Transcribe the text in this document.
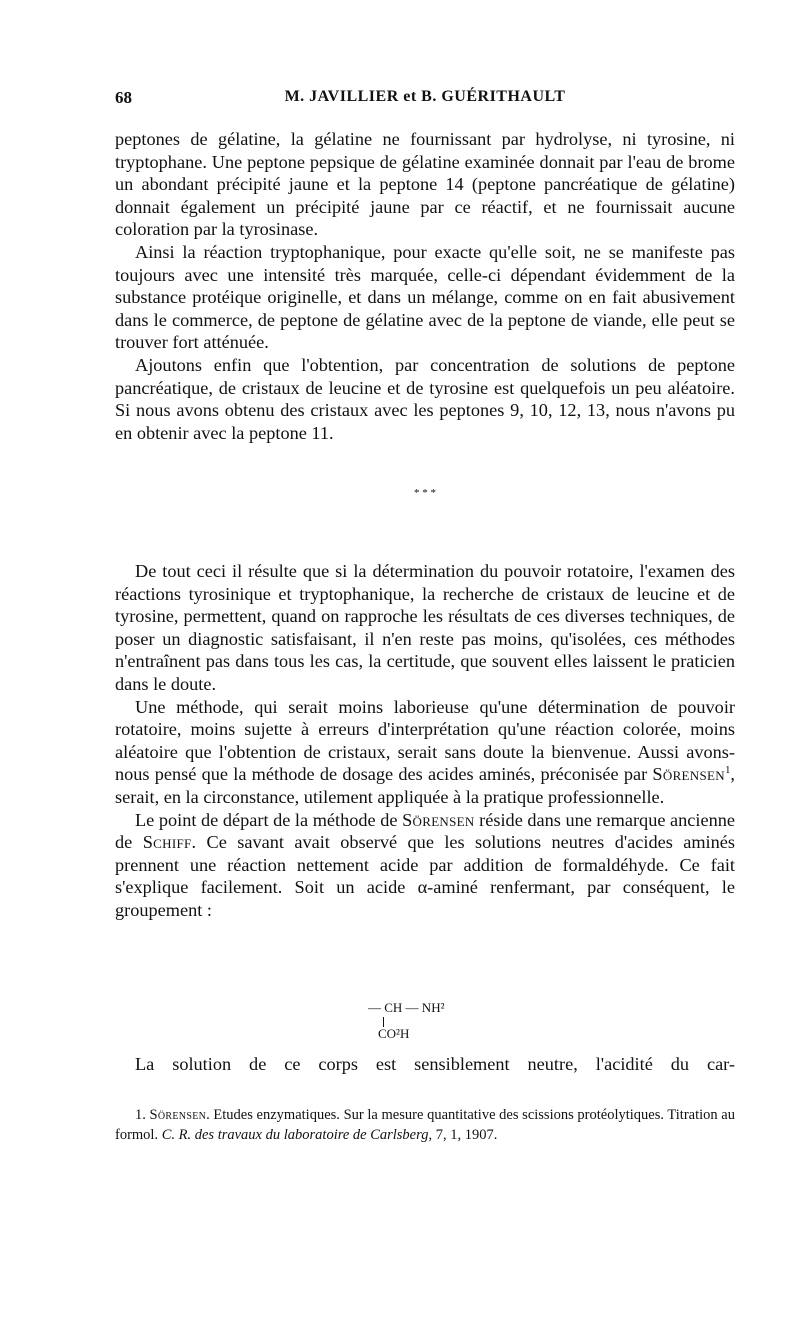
68	M. JAVILLIER et B. GUÉRITHAULT

peptones de gélatine, la gélatine ne fournissant par hydrolyse, ni tyrosine, ni tryptophane. Une peptone pepsique de gélatine examinée donnait par l'eau de brome un abondant précipité jaune et la peptone 14 (peptone pancréatique de gélatine) donnait également un précipité jaune par ce réactif, et ne fournissait aucune coloration par la tyrosinase.

Ainsi la réaction tryptophanique, pour exacte qu'elle soit, ne se manifeste pas toujours avec une intensité très marquée, celle-ci dépendant évidemment de la substance protéique originelle, et dans un mélange, comme on en fait abusivement dans le commerce, de peptone de gélatine avec de la peptone de viande, elle peut se trouver fort atténuée.

Ajoutons enfin que l'obtention, par concentration de solutions de peptone pancréatique, de cristaux de leucine et de tyrosine est quelquefois un peu aléatoire. Si nous avons obtenu des cristaux avec les peptones 9, 10, 12, 13, nous n'avons pu en obtenir avec la peptone 11.

* * *

De tout ceci il résulte que si la détermination du pouvoir rotatoire, l'examen des réactions tyrosinique et tryptophanique, la recherche de cristaux de leucine et de tyrosine, permettent, quand on rapproche les résultats de ces diverses techniques, de poser un diagnostic satisfaisant, il n'en reste pas moins, qu'isolées, ces méthodes n'entraînent pas dans tous les cas, la certitude, que souvent elles laissent le praticien dans le doute.

Une méthode, qui serait moins laborieuse qu'une détermination de pouvoir rotatoire, moins sujette à erreurs d'interprétation qu'une réaction colorée, moins aléatoire que l'obtention de cristaux, serait sans doute la bienvenue. Aussi avons-nous pensé que la méthode de dosage des acides aminés, préconisée par Sörensen$^1$, serait, en la circonstance, utilement appliquée à la pratique professionnelle.

Le point de départ de la méthode de Sörensen réside dans une remarque ancienne de Schiff. Ce savant avait observé que les solutions neutres d'acides aminés prennent une réaction nettement acide par addition de formaldéhyde. Ce fait s'explique facilement. Soit un acide α-aminé renfermant, par conséquent, le groupement :

— CH — NH²
CO²H
La solution de ce corps est sensiblement neutre, l'acidité du car-

1. Sörensen. Etudes enzymatiques. Sur la mesure quantitative des scissions protéolytiques. Titration au formol. C. R. des travaux du laboratoire de Carlsberg, 7, 1, 1907.
